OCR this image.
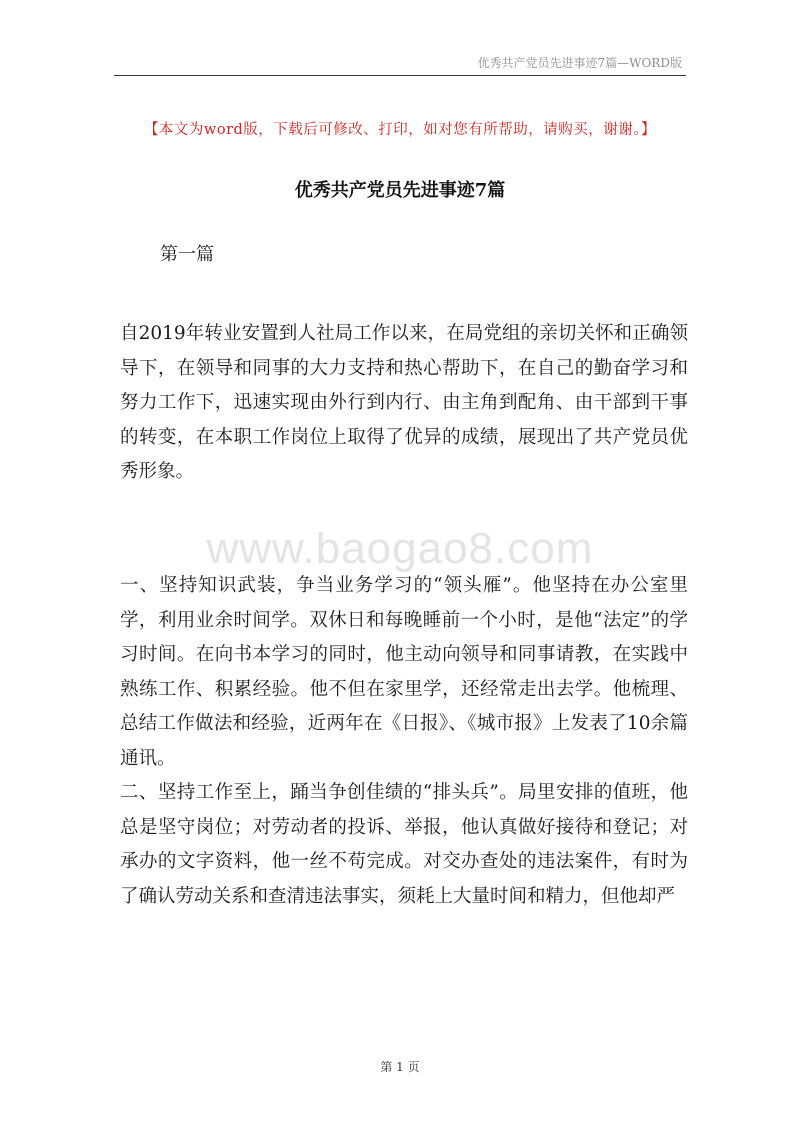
优秀共产党员先进事迹7篇—WORD版
【本文为word版，下载后可修改、打印，如对您有所帮助，请购买，谢谢。】
优秀共产党员先进事迹7篇
第一篇

自2019年转业安置到人社局工作以来，在局党组的亲切关怀和正确领导下，在领导和同事的大力支持和热心帮助下，在自己的勤奋学习和努力工作下，迅速实现由外行到内行、由主角到配角、由干部到干事的转变，在本职工作岗位上取得了优异的成绩，展现出了共产党员优秀形象。

www.baogao8.com

一、坚持知识武装，争当业务学习的“领头雁”。他坚持在办公室里学，利用业余时间学。双休日和每晚睡前一个小时，是他“法定”的学习时间。在向书本学习的同时，他主动向领导和同事请教，在实践中熟练工作、积累经验。他不但在家里学，还经常走出去学。他梳理、总结工作做法和经验，近两年在《日报》、《城市报》上发表了10余篇通讯。

二、坚持工作至上，踊当争创佳绩的“排头兵”。局里安排的值班，他总是坚守岗位；对劳动者的投诉、举报，他认真做好接待和登记；对承办的文字资料，他一丝不苟完成。对交办查处的违法案件，有时为了确认劳动关系和查清违法事实，须耗上大量时间和精力，但他却严

第 1 页
